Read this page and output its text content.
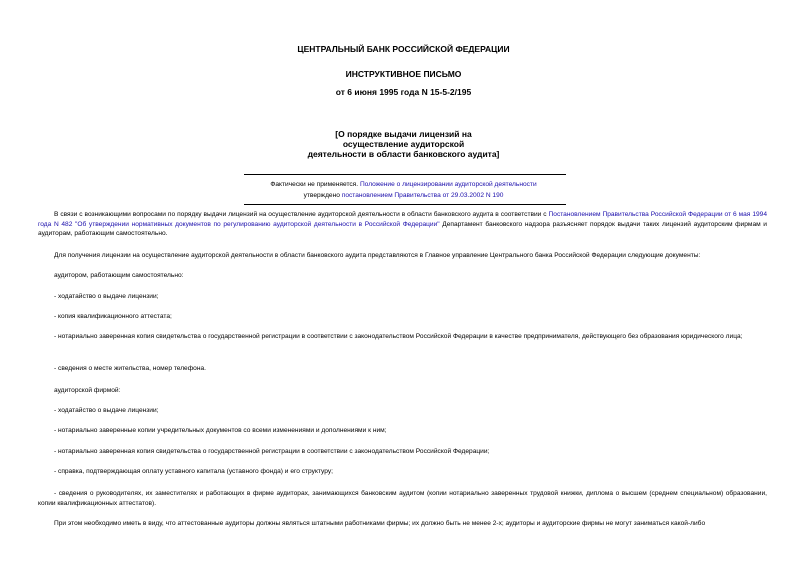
ЦЕНТРАЛЬНЫЙ БАНК РОССИЙСКОЙ ФЕДЕРАЦИИ
ИНСТРУКТИВНОЕ ПИСЬМО
от 6 июня 1995 года N 15-5-2/195
[О порядке выдачи лицензий на
осуществление аудиторской
деятельности в области банковского аудита]
Фактически не применяется. Положение о лицензировании аудиторской деятельности
утверждено постановлением Правительства от 29.03.2002 N 190

В связи с возникающими вопросами по порядку выдачи лицензий на осуществление аудиторской деятельности в области банковского аудита в соответствии с Постановлением Правительства Российской Федерации от 6 мая 1994 года N 482 "Об утверждении нормативных документов по регулированию аудиторской деятельности в Российской Федерации" Департамент банковского надзора разъясняет порядок выдачи таких лицензий аудиторским фирмам и аудиторам, работающим самостоятельно.

Для получения лицензии на осуществление аудиторской деятельности в области банковского аудита представляются в Главное управление Центрального банка Российской Федерации следующие документы:

аудитором, работающим самостоятельно:

- ходатайство о выдаче лицензии;

- копия квалификационного аттестата;

- нотариально заверенная копия свидетельства о государственной регистрации в соответствии с законодательством Российской Федерации в качестве предпринимателя, действующего без образования юридического лица;

- сведения о месте жительства, номер телефона.

аудиторской фирмой:

- ходатайство о выдаче лицензии;

- нотариально заверенные копии учредительных документов со всеми изменениями и дополнениями к ним;

- нотариально заверенная копия свидетельства о государственной регистрации в соответствии с законодательством Российской Федерации;

- справка, подтверждающая оплату уставного капитала (уставного фонда) и его структуру;

- сведения о руководителях, их заместителях и работающих в фирме аудиторах, занимающихся банковским аудитом (копии нотариально заверенных трудовой книжки, диплома о высшем (среднем специальном) образовании, копии квалификационных аттестатов).

При этом необходимо иметь в виду, что аттестованные аудиторы должны являться штатными работниками фирмы; их должно быть не менее 2-х; аудиторы и аудиторские фирмы не могут заниматься какой-либо
